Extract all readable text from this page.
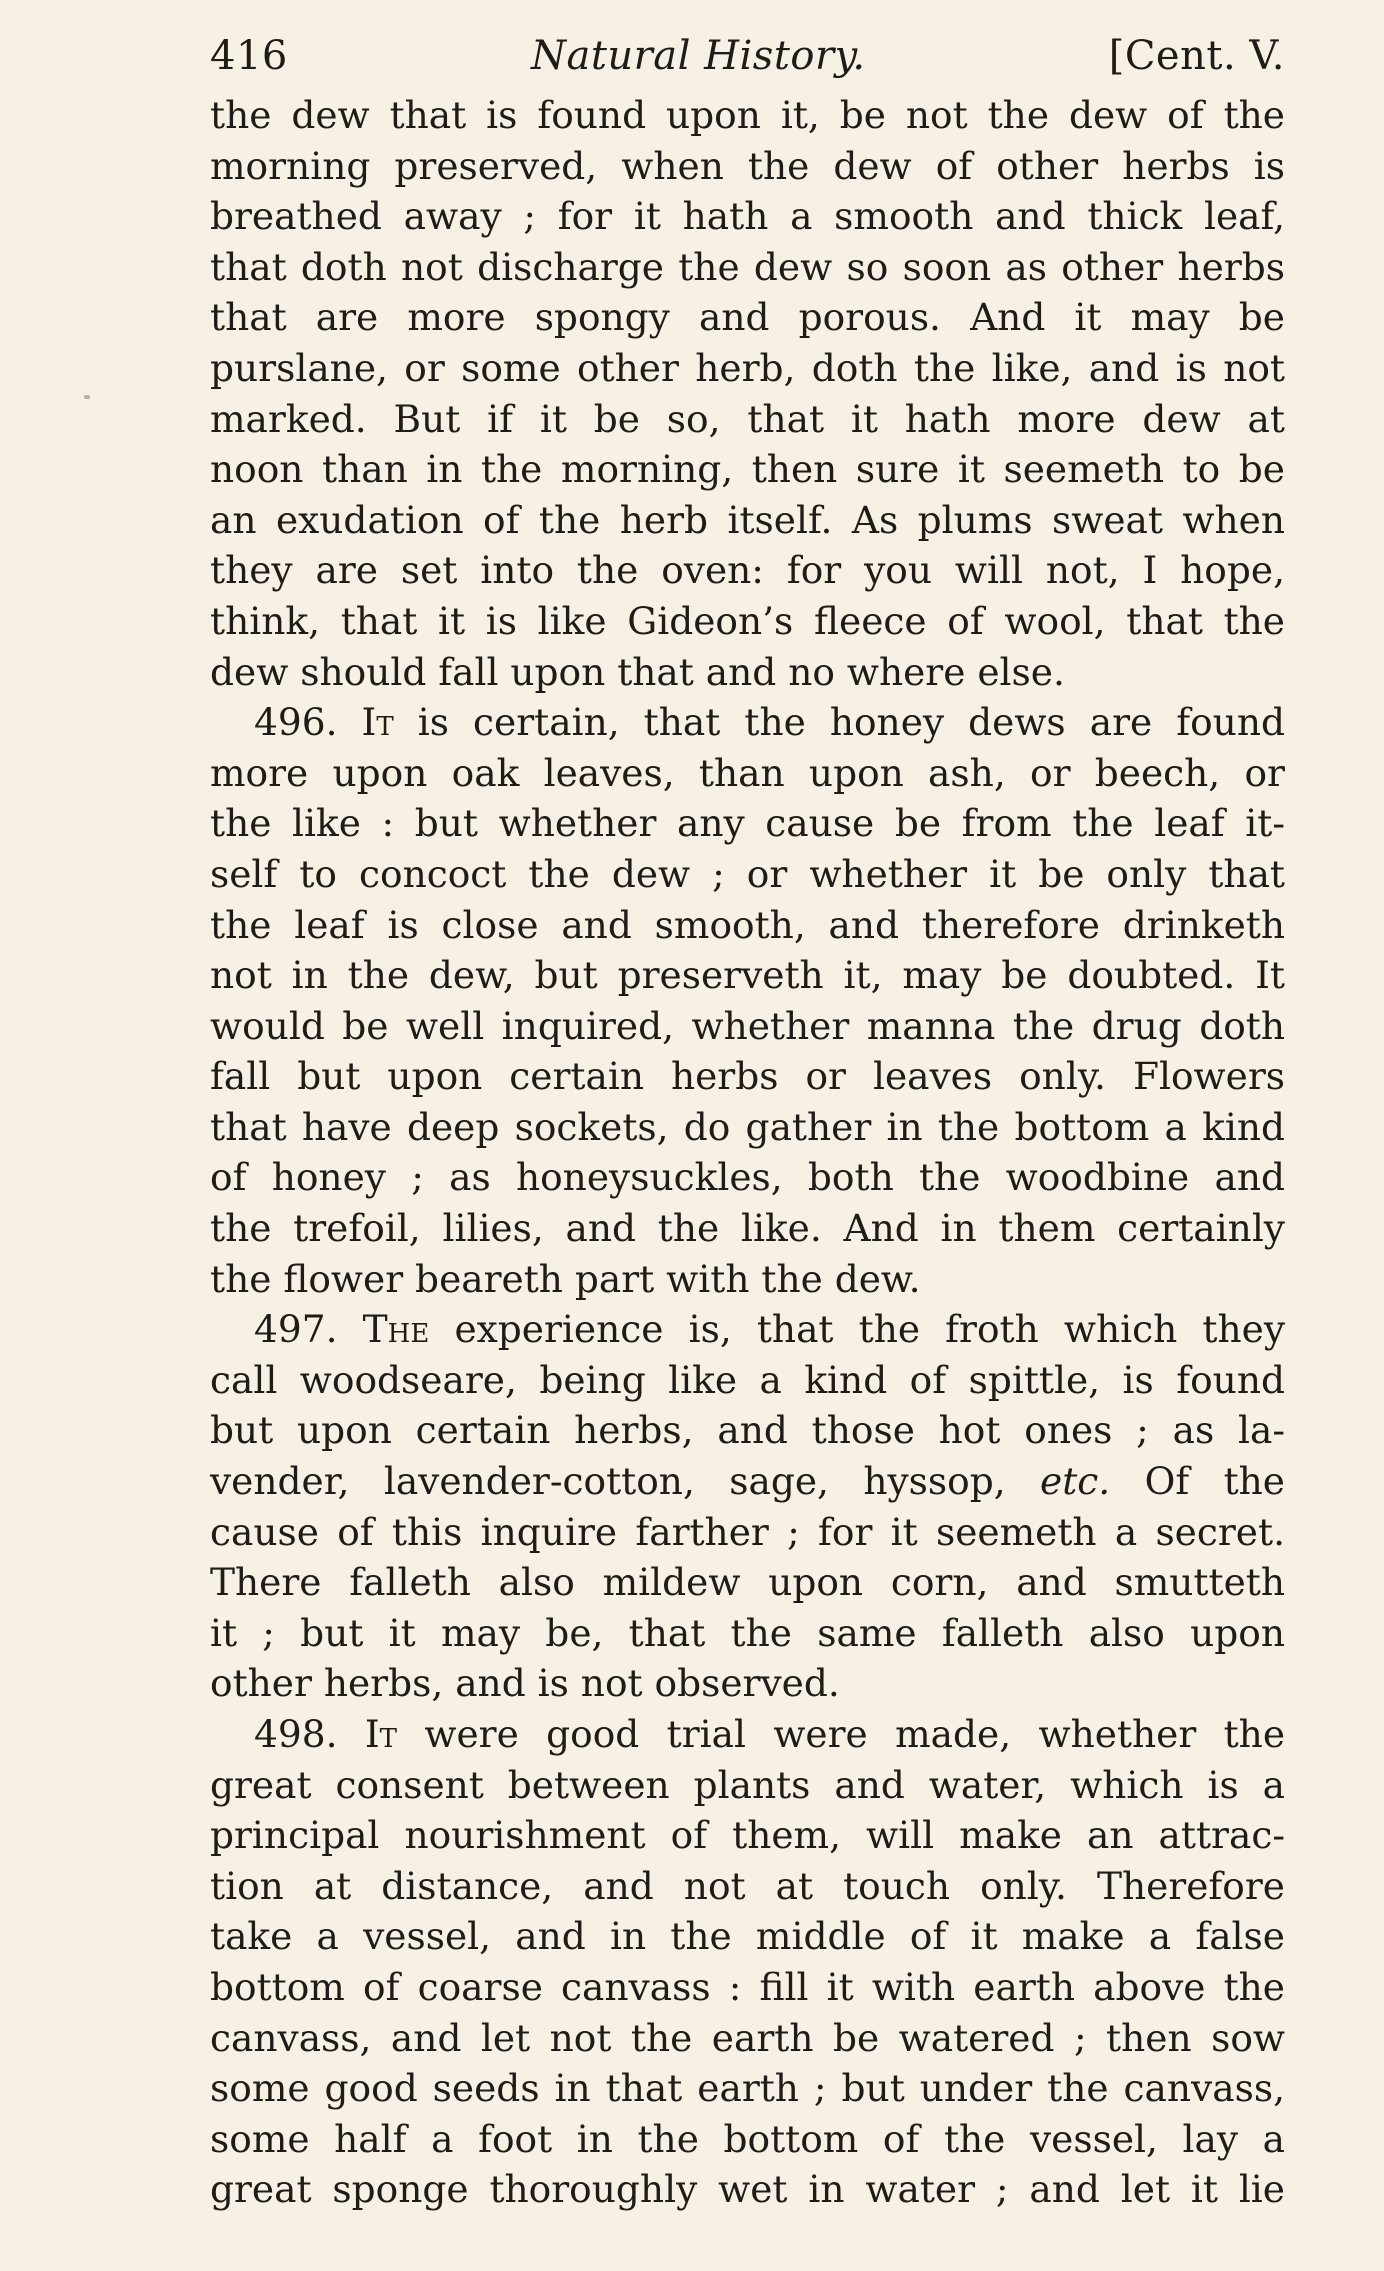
416	Natural History.	[Cent. V.

the dew that is found upon it, be not the dew of the

morning preserved, when the dew of other herbs is

breathed away ; for it hath a smooth and thick leaf,

that doth not discharge the dew so soon as other herbs

that are more spongy and porous. And it may be

purslane, or some other herb, doth the like, and is not

marked. But if it be so, that it hath more dew at

noon than in the morning, then sure it seemeth to be

an exudation of the herb itself. As plums sweat when

they are set into the oven: for you will not, I hope,

think, that it is like Gideon’s fleece of wool, that the

dew should fall upon that and no where else.

496. It is certain, that the honey dews are found

more upon oak leaves, than upon ash, or beech, or

the like : but whether any cause be from the leaf it-

self to concoct the dew ; or whether it be only that

the leaf is close and smooth, and therefore drinketh

not in the dew, but preserveth it, may be doubted. It

would be well inquired, whether manna the drug doth

fall but upon certain herbs or leaves only. Flowers

that have deep sockets, do gather in the bottom a kind

of honey ; as honeysuckles, both the woodbine and

the trefoil, lilies, and the like. And in them certainly

the flower beareth part with the dew.

497. The experience is, that the froth which they

call woodseare, being like a kind of spittle, is found

but upon certain herbs, and those hot ones ; as la-

vender, lavender-cotton, sage, hyssop, etc. Of the

cause of this inquire farther ; for it seemeth a secret.

There falleth also mildew upon corn, and smutteth

it ; but it may be, that the same falleth also upon

other herbs, and is not observed.

498. It were good trial were made, whether the

great consent between plants and water, which is a

principal nourishment of them, will make an attrac-

tion at distance, and not at touch only. Therefore

take a vessel, and in the middle of it make a false

bottom of coarse canvass : fill it with earth above the

canvass, and let not the earth be watered ; then sow

some good seeds in that earth ; but under the canvass,

some half a foot in the bottom of the vessel, lay a

great sponge thoroughly wet in water ; and let it lie
